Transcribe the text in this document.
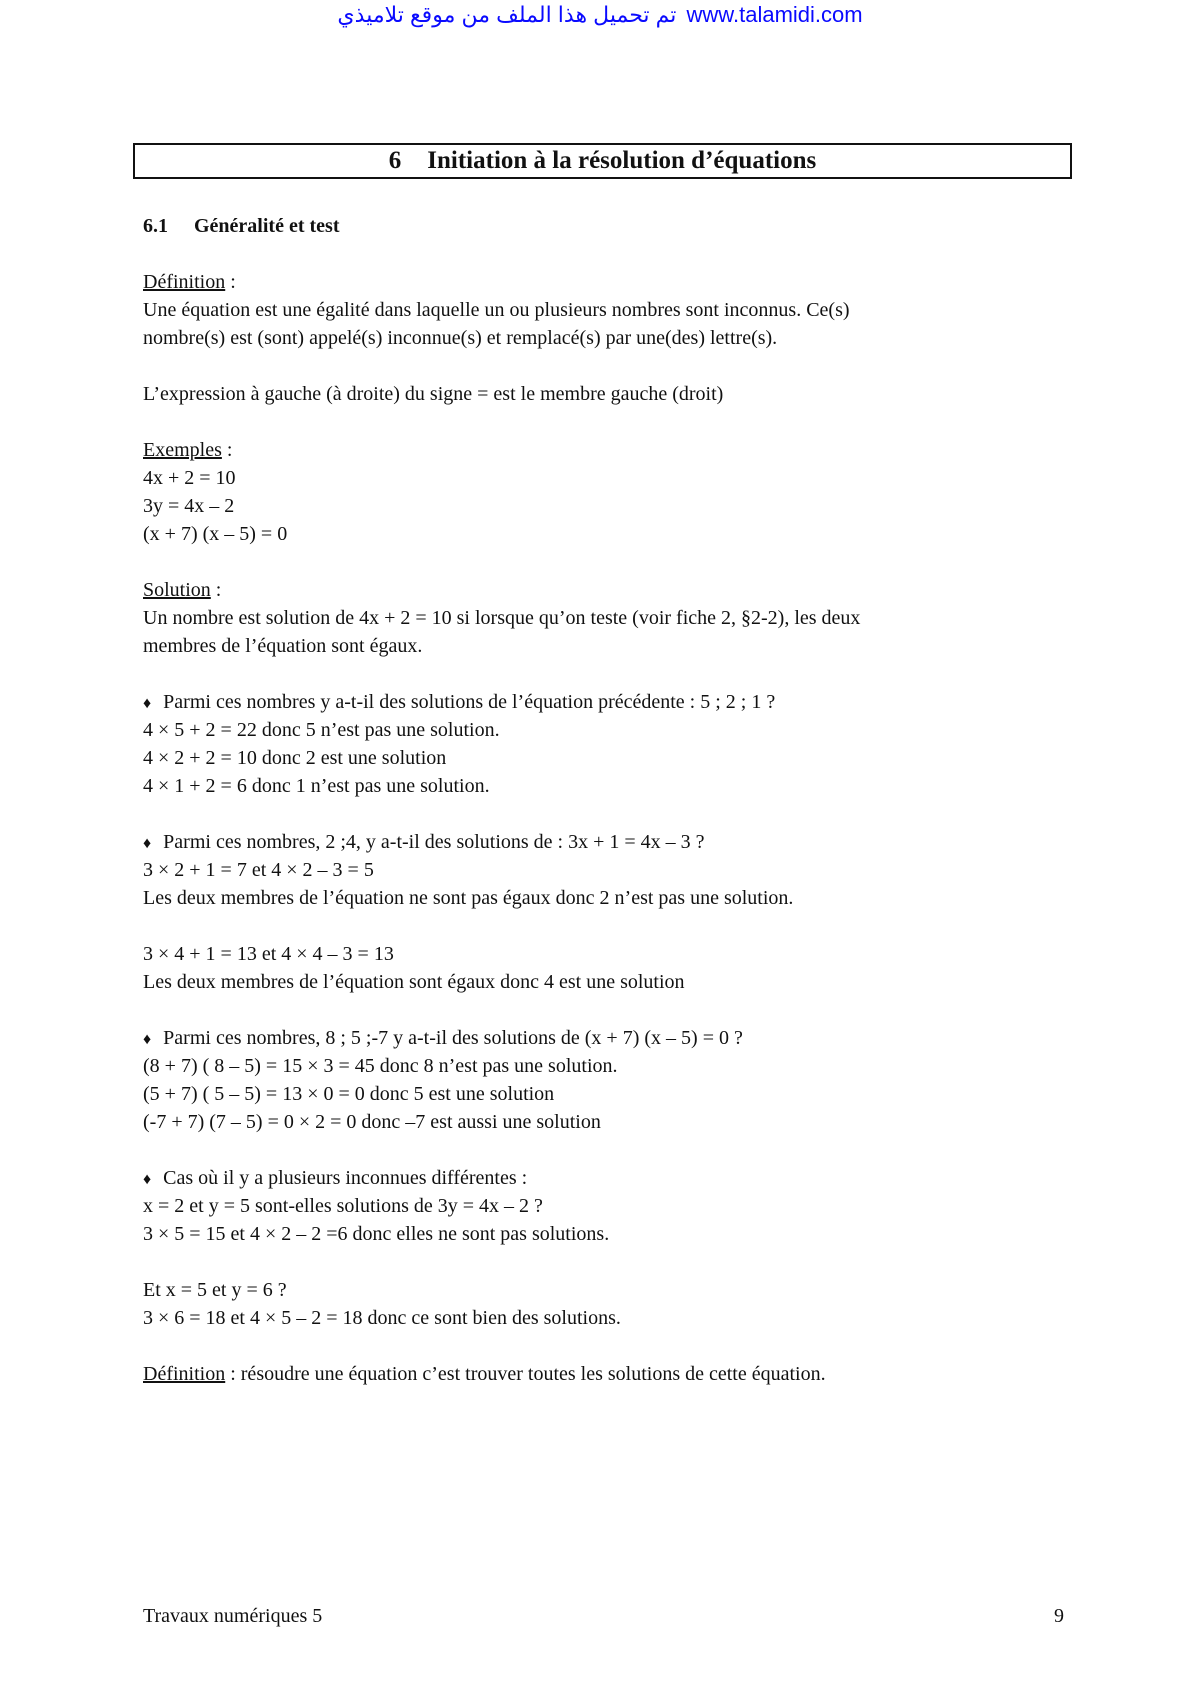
تم تحميل هذا الملف من موقع تلاميذي www.talamidi.com
6 Initiation à la résolution d’équations
6.1 Généralité et test
Définition :
Une équation est une égalité dans laquelle un ou plusieurs nombres sont inconnus. Ce(s)
nombre(s) est (sont) appelé(s) inconnue(s) et remplacé(s) par une(des) lettre(s).
L’expression à gauche (à droite) du signe = est le membre gauche (droit)
Exemples :
4x + 2 = 10
3y = 4x – 2
(x + 7) (x – 5) = 0
Solution :
Un nombre est solution de 4x + 2 = 10 si lorsque qu’on teste (voir fiche 2, §2-2), les deux
membres de l’équation sont égaux.
♦ Parmi ces nombres y a-t-il des solutions de l’équation précédente : 5 ; 2 ; 1 ?
4 × 5 + 2 = 22 donc 5 n’est pas une solution.
4 × 2 + 2 = 10 donc 2 est une solution
4 × 1 + 2 = 6 donc 1 n’est pas une solution.
♦ Parmi ces nombres, 2 ;4, y a-t-il des solutions de : 3x + 1 = 4x – 3 ?
3 × 2 + 1 = 7 et 4 × 2 – 3 = 5
Les deux membres de l’équation ne sont pas égaux donc 2 n’est pas une solution.
3 × 4 + 1 = 13 et 4 × 4 – 3 = 13
Les deux membres de l’équation sont égaux donc 4 est une solution
♦ Parmi ces nombres, 8 ; 5 ;-7 y a-t-il des solutions de (x + 7) (x – 5) = 0 ?
(8 + 7) ( 8 – 5) = 15 × 3 = 45 donc 8 n’est pas une solution.
(5 + 7) ( 5 – 5) = 13 × 0 = 0 donc 5 est une solution
(-7 + 7) (7 – 5) = 0 × 2 = 0 donc –7 est aussi une solution
♦ Cas où il y a plusieurs inconnues différentes :
x = 2 et y = 5 sont-elles solutions de 3y = 4x – 2 ?
3 × 5 = 15 et 4 × 2 – 2 =6 donc elles ne sont pas solutions.
Et x = 5 et y = 6 ?
3 × 6 = 18 et 4 × 5 – 2 = 18 donc ce sont bien des solutions.
Définition : résoudre une équation c’est trouver toutes les solutions de cette équation.
Travaux numériques 5	9
